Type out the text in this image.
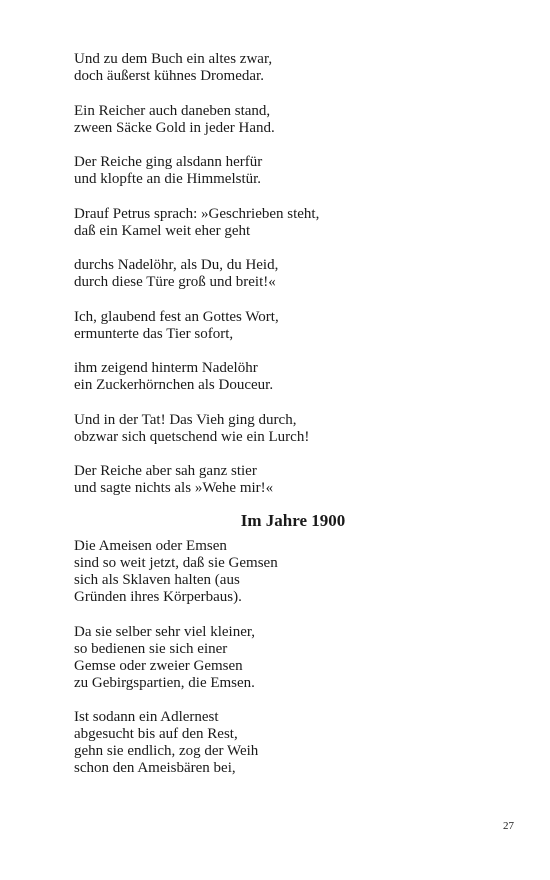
Und zu dem Buch ein altes zwar,
doch äußerst kühnes Dromedar.
Ein Reicher auch daneben stand,
zween Säcke Gold in jeder Hand.
Der Reiche ging alsdann herfür
und klopfte an die Himmelstür.
Drauf Petrus sprach: »Geschrieben steht,
daß ein Kamel weit eher geht
durchs Nadelöhr, als Du, du Heid,
durch diese Türe groß und breit!«
Ich, glaubend fest an Gottes Wort,
ermunterte das Tier sofort,
ihm zeigend hinterm Nadelöhr
ein Zuckerhörnchen als Douceur.
Und in der Tat! Das Vieh ging durch,
obzwar sich quetschend wie ein Lurch!
Der Reiche aber sah ganz stier
und sagte nichts als »Wehe mir!«
Im Jahre 1900
Die Ameisen oder Emsen
sind so weit jetzt, daß sie Gemsen
sich als Sklaven halten (aus
Gründen ihres Körperbaus).
Da sie selber sehr viel kleiner,
so bedienen sie sich einer
Gemse oder zweier Gemsen
zu Gebirgspartien, die Emsen.
Ist sodann ein Adlernest
abgesucht bis auf den Rest,
gehn sie endlich, zog der Weih
schon den Ameisbären bei,
27
